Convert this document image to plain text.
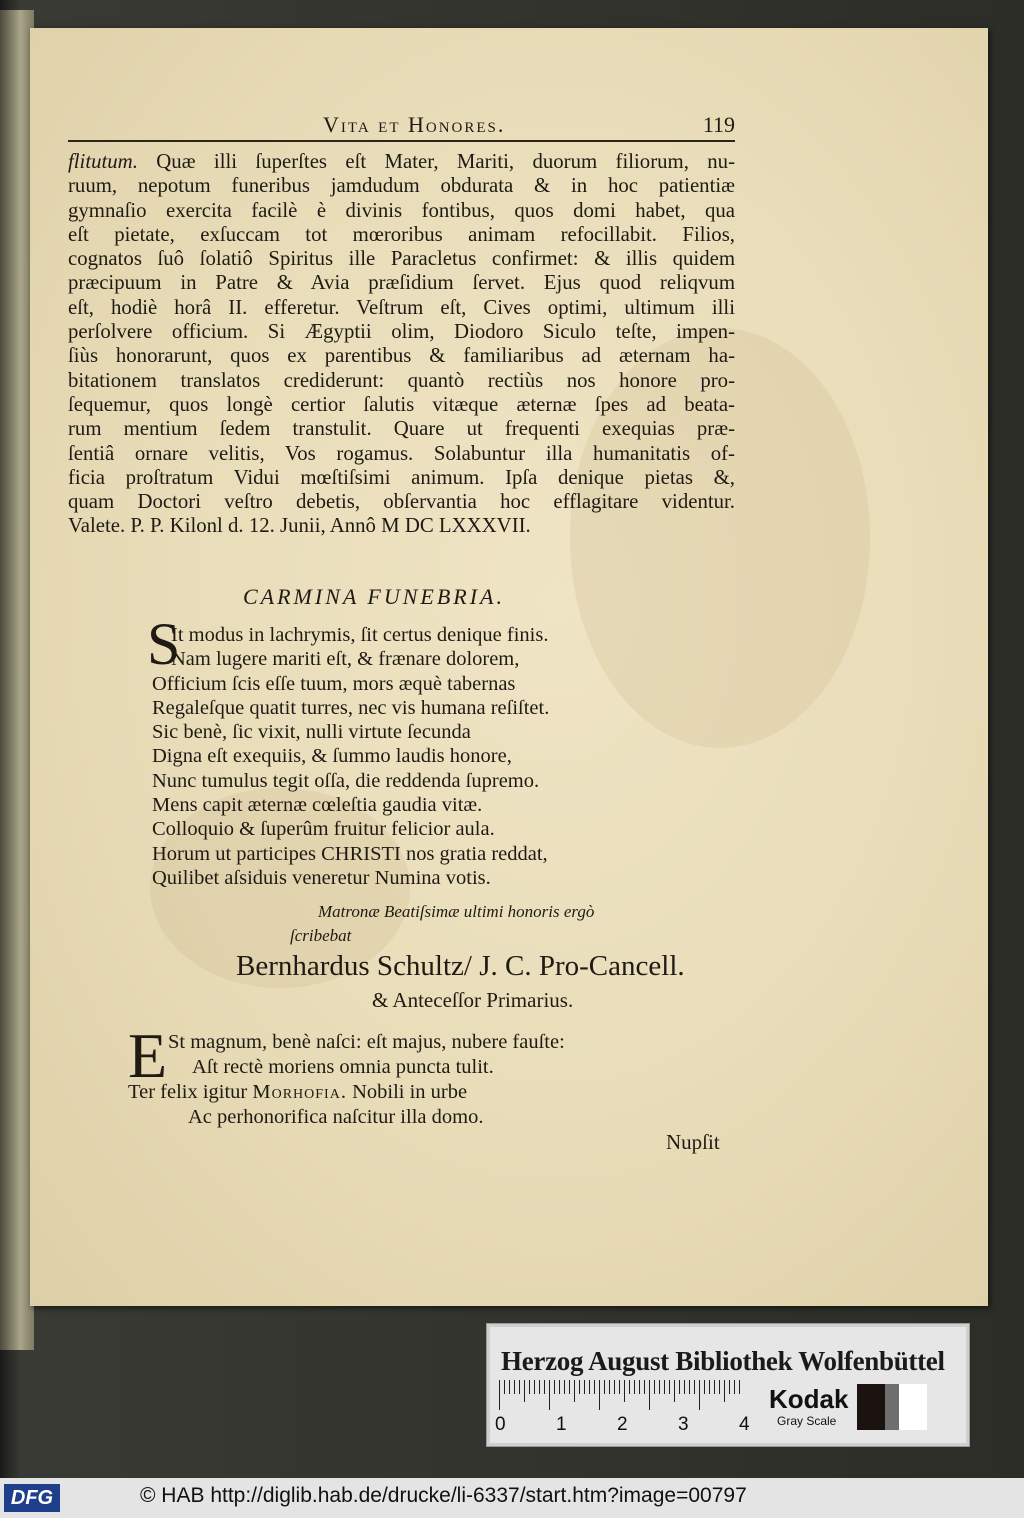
Vita et Honores.	119
flitutum. Quæ illi ſuperſtes eſt Mater, Mariti, duorum filiorum, nu-
ruum, nepotum funeribus jamdudum obdurata & in hoc patientiæ
gymnaſio exercita facilè è divinis fontibus, quos domi habet, qua
eſt pietate, exſuccam tot mœroribus animam refocillabit. Filios,
cognatos ſuô ſolatiô Spiritus ille Paracletus confirmet: & illis quidem
præcipuum in Patre & Avia præſidium ſervet. Ejus quod reliqvum
eſt, hodiè horâ II. efferetur. Veſtrum eſt, Cives optimi, ultimum illi
perſolvere officium. Si Ægyptii olim, Diodoro Siculo teſte, impen-
ſiùs honorarunt, quos ex parentibus & familiaribus ad æternam ha-
bitationem translatos crediderunt: quantò rectiùs nos honore pro-
ſequemur, quos longè certior ſalutis vitæque æternæ ſpes ad beata-
rum mentium ſedem transtulit. Quare ut frequenti exequias præ-
ſentiâ ornare velitis, Vos rogamus. Solabuntur illa humanitatis of-
ficia proſtratum Vidui mœſtiſsimi animum. Ipſa denique pietas &,
quam Doctori veſtro debetis, obſervantia hoc efflagitare videntur.
Valete. P. P. Kilonl d. 12. Junii, Annô M DC LXXXVII.
CARMINA FUNEBRIA.
S
It modus in lachrymis, ſit certus denique finis.
Nam lugere mariti eſt, & frænare dolorem,
Officium ſcis eſſe tuum, mors æquè tabernas
Regaleſque quatit turres, nec vis humana reſiſtet.
Sic benè, ſic vixit, nulli virtute ſecunda
Digna eſt exequiis, & ſummo laudis honore,
Nunc tumulus tegit oſſa, die reddenda ſupremo.
Mens capit æternæ cœleſtia gaudia vitæ.
Colloquio & ſuperûm fruitur felicior aula.
Horum ut participes CHRISTI nos gratia reddat,
Quilibet aſsiduis veneretur Numina votis.
Matronæ Beatiſsimæ ultimi honoris ergò
ſcribebat
Bernhardus Schultz/ J. C. Pro-Cancell.
& Anteceſſor Primarius.
E St magnum, benè naſci: eſt majus, nubere fauſte:
Aſt rectè moriens omnia puncta tulit.
Ter felix igitur Morhofia. Nobili in urbe
Ac perhonorifica naſcitur illa domo.
Nupſit
Herzog August Bibliothek Wolfenbüttel
0	1	2	3	4
Kodak
Gray Scale
DFG	© HAB http://diglib.hab.de/drucke/li-6337/start.htm?image=00797
